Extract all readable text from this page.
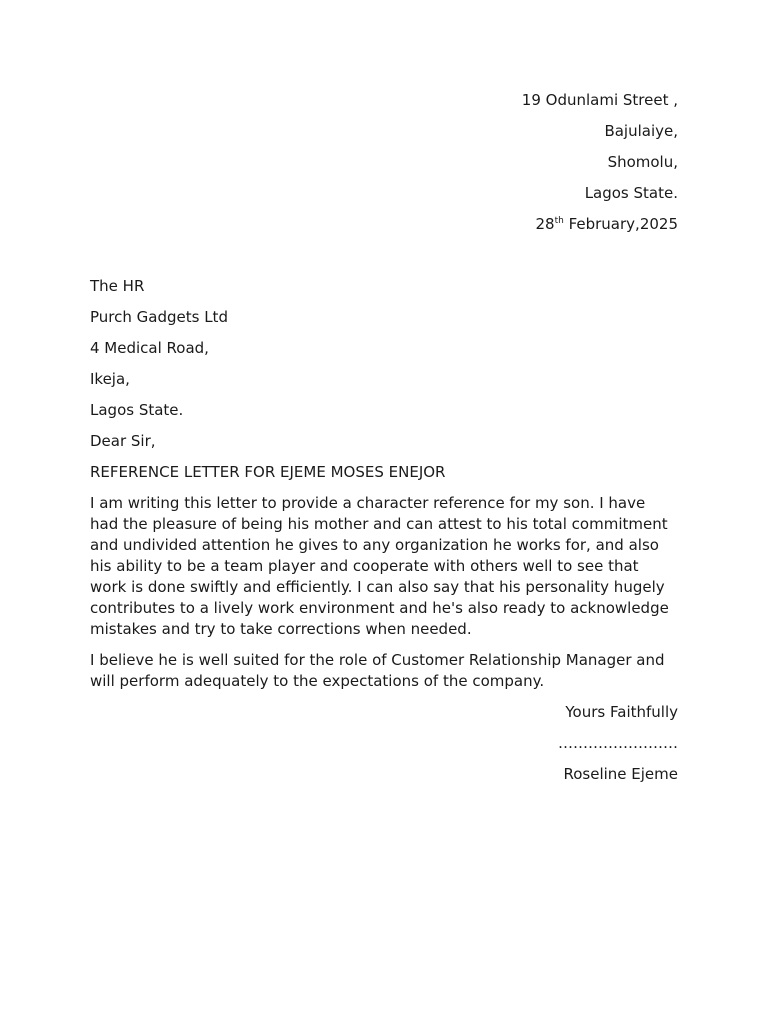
19 Odunlami Street ,
Bajulaiye,
Shomolu,
Lagos State.
28th February,2025
The HR
Purch Gadgets Ltd
4 Medical Road,
Ikeja,
Lagos State.
Dear Sir,
REFERENCE LETTER FOR EJEME MOSES ENEJOR
I am writing this letter to provide a character reference for my son. I have had the pleasure of being his mother and can attest to his total commitment and undivided attention he gives to any organization he works for, and also his ability to be a team player and cooperate with others well to see that work is done swiftly and efficiently. I can also say that his personality hugely contributes to a lively work environment and he's also ready to acknowledge mistakes and try to take corrections when needed.
I believe he is well suited for the role of Customer Relationship Manager and will perform adequately to the expectations of the company.
Yours Faithfully
……………………
Roseline Ejeme
